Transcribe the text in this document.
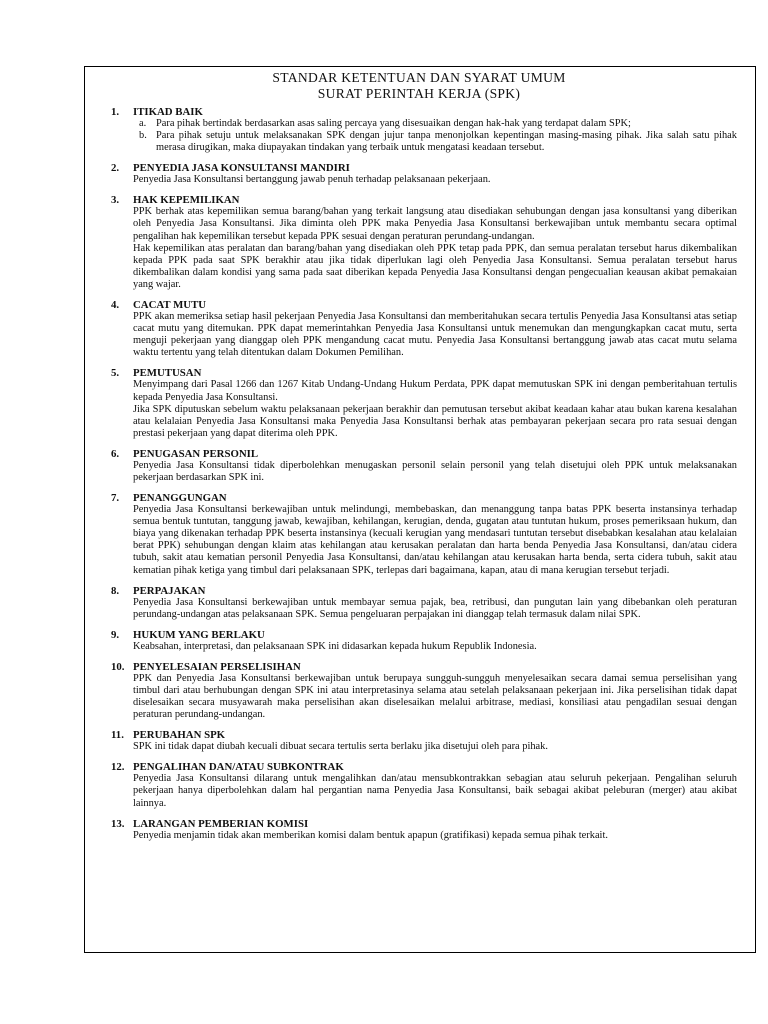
STANDAR KETENTUAN DAN SYARAT UMUM
SURAT PERINTAH KERJA (SPK)
1. ITIKAD BAIK
a. Para pihak bertindak berdasarkan asas saling percaya yang disesuaikan dengan hak-hak yang terdapat dalam SPK;

b. Para pihak setuju untuk melaksanakan SPK dengan jujur tanpa menonjolkan kepentingan masing-masing pihak. Jika salah satu pihak merasa dirugikan, maka diupayakan tindakan yang terbaik untuk mengatasi keadaan tersebut.

2. PENYEDIA JASA KONSULTANSI MANDIRI

Penyedia Jasa Konsultansi bertanggung jawab penuh terhadap pelaksanaan pekerjaan.

3. HAK KEPEMILIKAN

PPK berhak atas kepemilikan semua barang/bahan yang terkait langsung atau disediakan sehubungan dengan jasa konsultansi yang diberikan oleh Penyedia Jasa Konsultansi. Jika diminta oleh PPK maka Penyedia Jasa Konsultansi berkewajiban untuk membantu secara optimal pengalihan hak kepemilikan tersebut kepada PPK sesuai dengan peraturan perundang-undangan.

Hak kepemilikan atas peralatan dan barang/bahan yang disediakan oleh PPK tetap pada PPK, dan semua peralatan tersebut harus dikembalikan kepada PPK pada saat SPK berakhir atau jika tidak diperlukan lagi oleh Penyedia Jasa Konsultansi. Semua peralatan tersebut harus dikembalikan dalam kondisi yang sama pada saat diberikan kepada Penyedia Jasa Konsultansi dengan pengecualian keausan akibat pemakaian yang wajar.

4. CACAT MUTU

PPK akan memeriksa setiap hasil pekerjaan Penyedia Jasa Konsultansi dan memberitahukan secara tertulis Penyedia Jasa Konsultansi atas setiap cacat mutu yang ditemukan. PPK dapat memerintahkan Penyedia Jasa Konsultansi untuk menemukan dan mengungkapkan cacat mutu, serta menguji pekerjaan yang dianggap oleh PPK mengandung cacat mutu. Penyedia Jasa Konsultansi bertanggung jawab atas cacat mutu selama waktu tertentu yang telah ditentukan dalam Dokumen Pemilihan.

5. PEMUTUSAN

Menyimpang dari Pasal 1266 dan 1267 Kitab Undang-Undang Hukum Perdata, PPK dapat memutuskan SPK ini dengan pemberitahuan tertulis kepada Penyedia Jasa Konsultansi.

Jika SPK diputuskan sebelum waktu pelaksanaan pekerjaan berakhir dan pemutusan tersebut akibat keadaan kahar atau bukan karena kesalahan atau kelalaian Penyedia Jasa Konsultansi maka Penyedia Jasa Konsultansi berhak atas pembayaran pekerjaan secara pro rata sesuai dengan prestasi pekerjaan yang dapat diterima oleh PPK.

6. PENUGASAN PERSONIL

Penyedia Jasa Konsultansi tidak diperbolehkan menugaskan personil selain personil yang telah disetujui oleh PPK untuk melaksanakan pekerjaan berdasarkan SPK ini.

7. PENANGGUNGAN

Penyedia Jasa Konsultansi berkewajiban untuk melindungi, membebaskan, dan menanggung tanpa batas PPK beserta instansinya terhadap semua bentuk tuntutan, tanggung jawab, kewajiban, kehilangan, kerugian, denda, gugatan atau tuntutan hukum, proses pemeriksaan hukum, dan biaya yang dikenakan terhadap PPK beserta instansinya (kecuali kerugian yang mendasari tuntutan tersebut disebabkan kesalahan atau kelalaian berat PPK) sehubungan dengan klaim atas kehilangan atau kerusakan peralatan dan harta benda Penyedia Jasa Konsultansi, dan/atau cidera tubuh, sakit atau kematian personil Penyedia Jasa Konsultansi, dan/atau kehilangan atau kerusakan harta benda, serta cidera tubuh, sakit atau kematian pihak ketiga yang timbul dari pelaksanaan SPK, terlepas dari bagaimana, kapan, atau di mana kerugian tersebut terjadi.

8. PERPAJAKAN

Penyedia Jasa Konsultansi berkewajiban untuk membayar semua pajak, bea, retribusi, dan pungutan lain yang dibebankan oleh peraturan perundang-undangan atas pelaksanaan SPK. Semua pengeluaran perpajakan ini dianggap telah termasuk dalam nilai SPK.

9. HUKUM YANG BERLAKU

Keabsahan, interpretasi, dan pelaksanaan SPK ini didasarkan kepada hukum Republik Indonesia.

10. PENYELESAIAN PERSELISIHAN

PPK dan Penyedia Jasa Konsultansi berkewajiban untuk berupaya sungguh-sungguh menyelesaikan secara damai semua perselisihan yang timbul dari atau berhubungan dengan SPK ini atau interpretasinya selama atau setelah pelaksanaan pekerjaan ini. Jika perselisihan tidak dapat diselesaikan secara musyawarah maka perselisihan akan diselesaikan melalui arbitrase, mediasi, konsiliasi atau pengadilan sesuai dengan peraturan perundang-undangan.

11. PERUBAHAN SPK

SPK ini tidak dapat diubah kecuali dibuat secara tertulis serta berlaku jika disetujui oleh para pihak.

12. PENGALIHAN DAN/ATAU SUBKONTRAK

Penyedia Jasa Konsultansi dilarang untuk mengalihkan dan/atau mensubkontrakkan sebagian atau seluruh pekerjaan. Pengalihan seluruh pekerjaan hanya diperbolehkan dalam hal pergantian nama Penyedia Jasa Konsultansi, baik sebagai akibat peleburan (merger) atau akibat lainnya.

13. LARANGAN PEMBERIAN KOMISI

Penyedia menjamin tidak akan memberikan komisi dalam bentuk apapun (gratifikasi) kepada semua pihak terkait.
